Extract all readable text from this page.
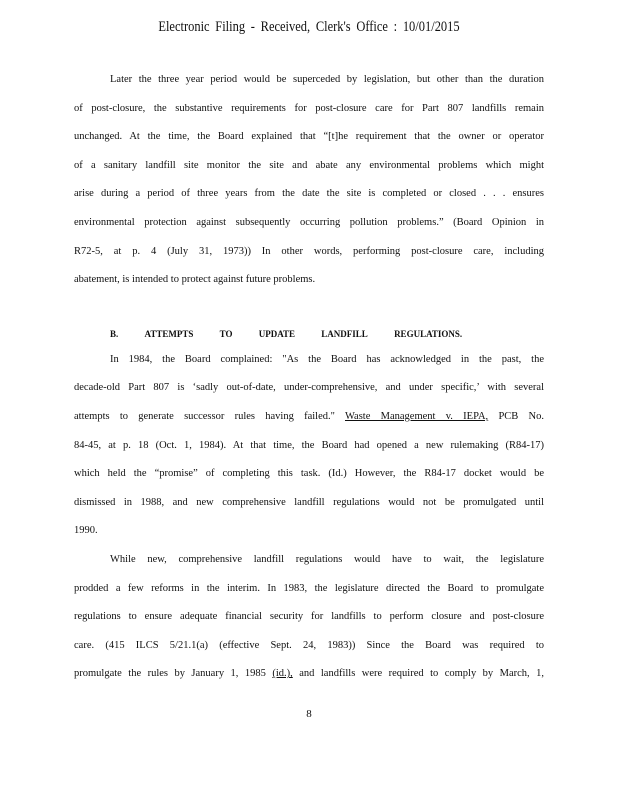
Electronic Filing - Received, Clerk's Office : 10/01/2015
Later the three year period would be superceded by legislation, but other than the duration
of post-closure, the substantive requirements for post-closure care for Part 807 landfills remain
unchanged. At the time, the Board explained that “[t]he requirement that the owner or operator
of a sanitary landfill site monitor the site and abate any environmental problems which might
arise during a period of three years from the date the site is completed or closed . . . ensures
environmental protection against subsequently occurring pollution problems.” (Board Opinion in
R72-5, at p. 4 (July 31, 1973)) In other words, performing post-closure care, including
abatement, is intended to protect against future problems.
B.	ATTEMPTS	TO	UPDATE	LANDFILL	REGULATIONS.
In 1984, the Board complained: "As the Board has acknowledged in the past, the
decade-old Part 807 is ‘sadly out-of-date, under-comprehensive, and under specific,’ with several
attempts to generate successor rules having failed." Waste Management v. IEPA, PCB No.
84-45, at p. 18 (Oct. 1, 1984). At that time, the Board had opened a new rulemaking (R84-17)
which held the “promise” of completing this task. (Id.) However, the R84-17 docket would be
dismissed in 1988, and new comprehensive landfill regulations would not be promulgated until
1990.
While new, comprehensive landfill regulations would have to wait, the legislature
prodded a few reforms in the interim. In 1983, the legislature directed the Board to promulgate
regulations to ensure adequate financial security for landfills to perform closure and post-closure
care. (415 ILCS 5/21.1(a) (effective Sept. 24, 1983)) Since the Board was required to
promulgate the rules by January 1, 1985 (id.), and landfills were required to comply by March, 1,
8
